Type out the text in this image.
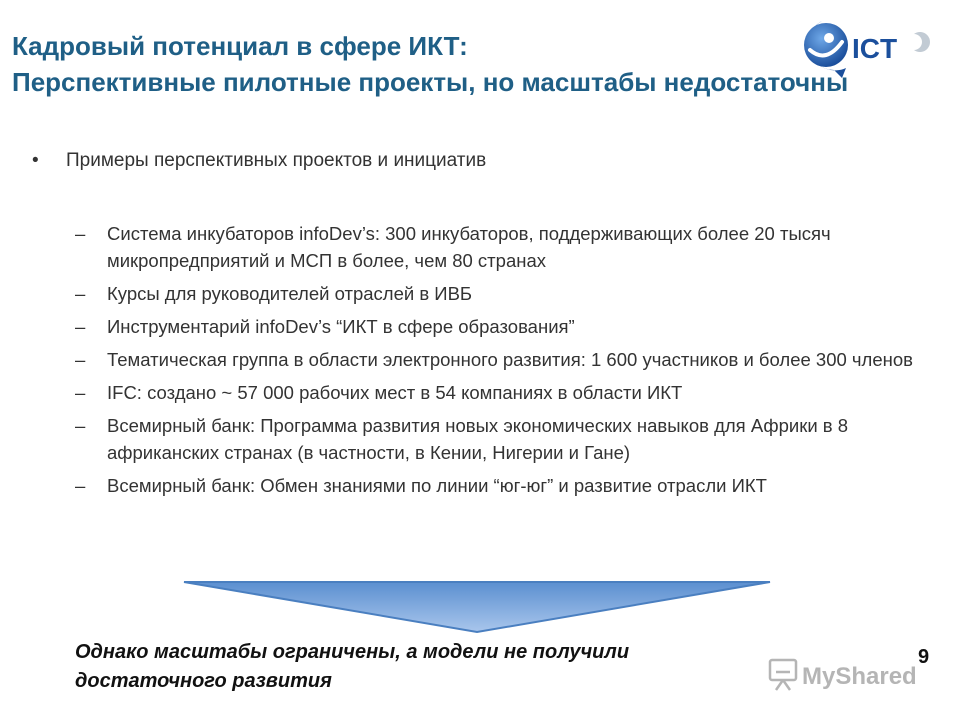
Кадровый потенциал в сфере ИКТ:
Перспективные пилотные проекты, но масштабы недостаточны
ICT
• Примеры перспективных проектов и инициатив
– Система инкубаторов infoDev’s: 300 инкубаторов, поддерживающих более 20 тысяч микропредприятий и МСП в более, чем 80 странах
– Курсы для руководителей отраслей в ИВБ
– Инструментарий infoDev’s “ИКТ в сфере образования”
– Тематическая группа в области электронного развития: 1 600 участников и более 300 членов
– IFC: создано ~ 57 000 рабочих мест в 54 компаниях в области ИКТ
– Всемирный банк: Программа развития новых экономических навыков для Африки в 8 африканских странах (в частности, в Кении, Нигерии и Гане)
– Всемирный банк: Обмен знаниями по линии “юг-юг” и развитие отрасли ИКТ
Однако масштабы ограничены, а модели не получили достаточного развития	MyShared
9
